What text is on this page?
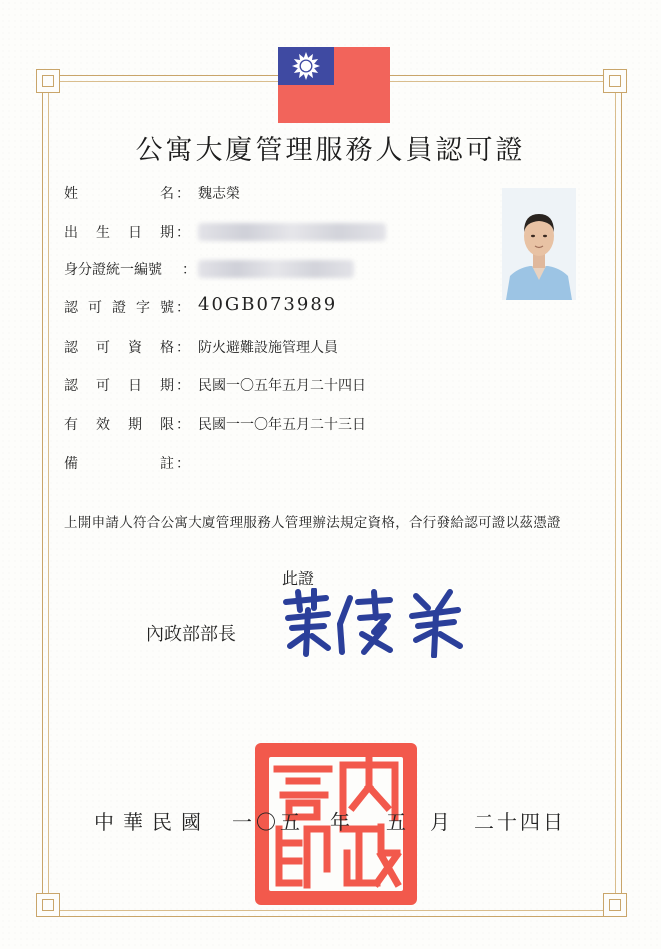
公寓大廈管理服務人員認可證
姓　　名 ： 魏志榮
出生日期 ：
身分證統一編號	：
認可證字號 ： 40GB073989
認可資格 ： 防火避難設施管理人員
認可日期 ： 民國一〇五年五月二十四日
有效期限 ： 民國一一〇年五月二十三日
備　　註 ：
上開申請人符合公寓大廈管理服務人管理辦法規定資格，合行發給認可證以茲憑證
此證
內政部部長
中華民國 一〇五 年 五 月 二十四日
